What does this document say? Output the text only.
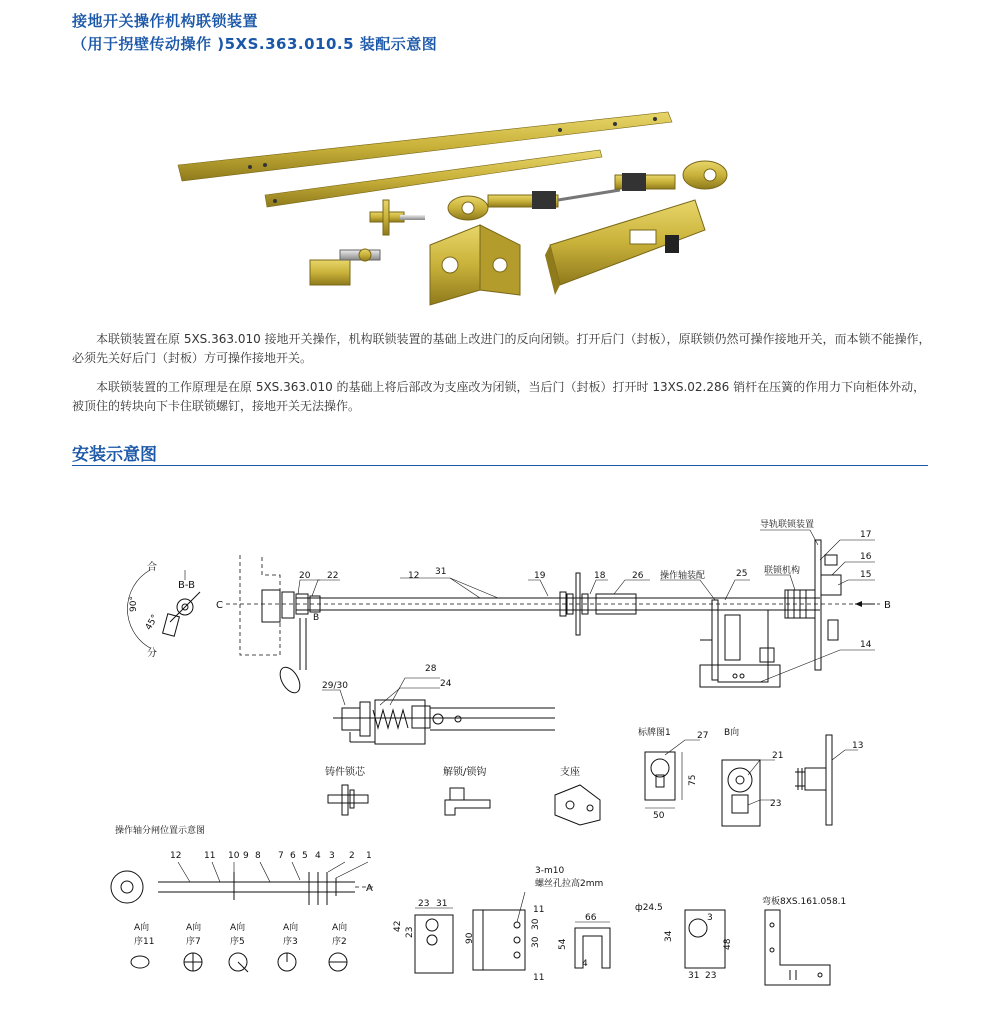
接地开关操作机构联锁装置
（用于拐壁传动操作 )5XS.363.010.5 装配示意图

本联锁装置在原 5XS.363.010 接地开关操作，机构联锁装置的基础上改进门的反向闭锁。打开后门（封板），原联锁仍然可操作接地开关，而本锁不能操作，必须先关好后门（封板）方可操作接地开关。

本联锁装置的工作原理是在原 5XS.363.010 的基础上将后部改为支座改为闭锁，当后门（封板）打开时 13XS.02.286 销杆在压簧的作用力下向柜体外动，被顶住的转块向下卡住联锁螺钉，接地开关无法操作。

安装示意图
B-B
合
分
90°
45°
C
B
B
20 22	12 31	19	18	26 操作轴装配	25 联锁机构
导轨联锁装置
17
16
15
14
29/30
28
24
铸件锁芯	解锁/锁钩	支座
标牌图1
75
50
27 B向
21
23
13
操作轴分闸位置示意图
12	11 10 9 8 7 6 5 4 3 2 1
A
A向
序11
A向
序7
A向
序5
A向
序3
A向
序2
23 31
42
23
3-m10
螺丝孔拉高2mm
90
30
30
11
11
66
54
4
ф24.5
3
34
48
31 23
弯板8XS.161.058.1
